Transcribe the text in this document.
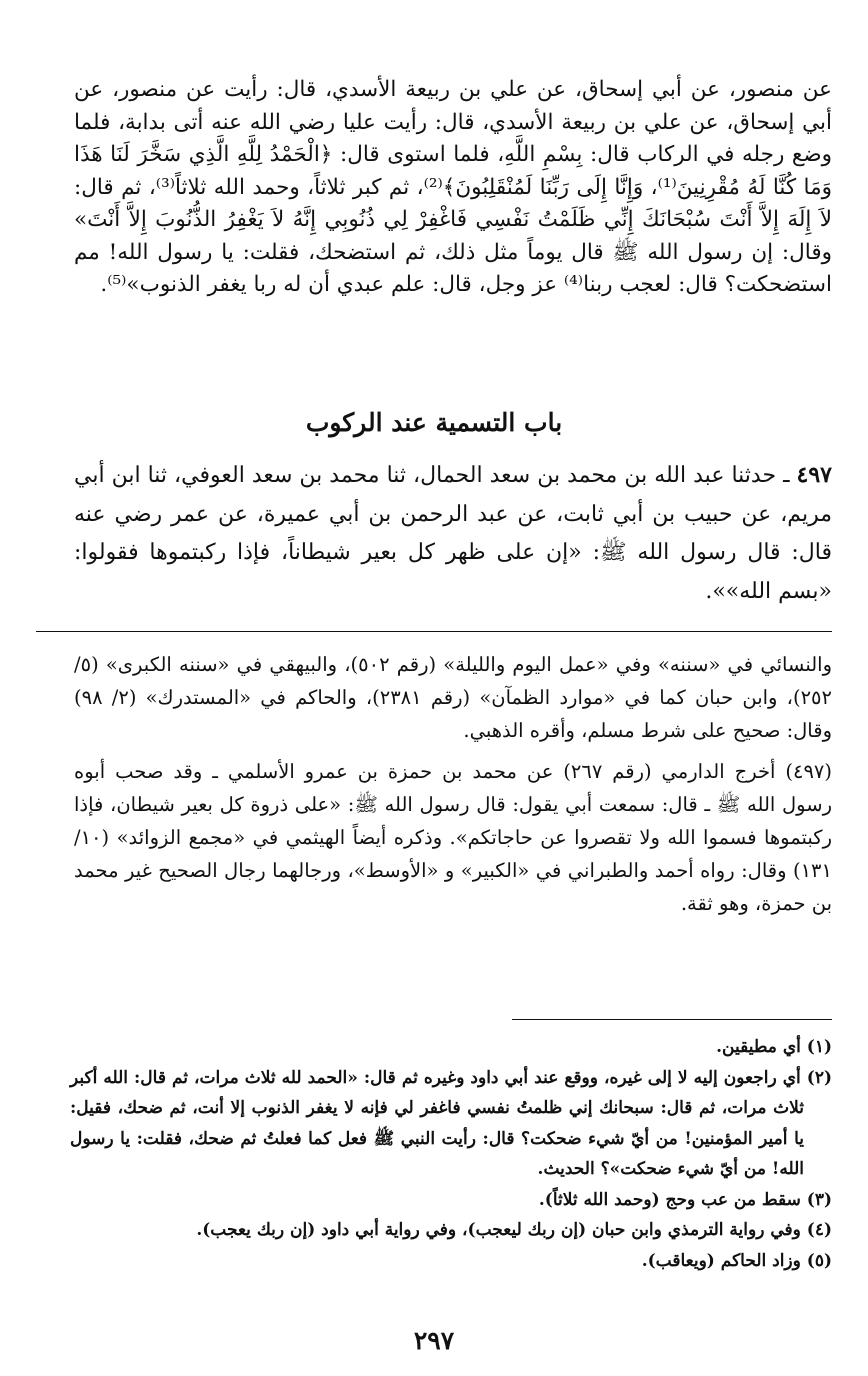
عن منصور، عن أبي إسحاق، عن علي بن ربيعة الأسدي، قال: رأيت عن منصور، عن أبي إسحاق، عن علي بن ربيعة الأسدي، قال: رأيت عليا رضي الله عنه أتى بدابة، فلما وضع رجله في الركاب قال: بِسْمِ اللَّهِ، فلما استوى قال: ﴿الْحَمْدُ لِلَّهِ الَّذِي سَخَّرَ لَنَا هَذَا وَمَا كُنَّا لَهُ مُقْرِنِينَ⁽¹⁾، وَإِنَّا إِلَى رَبِّنَا لَمُنْقَلِبُونَ﴾⁽²⁾، ثم كبر ثلاثاً، وحمد الله ثلاثاً⁽³⁾، ثم قال: لاَ إِلَهَ إِلاَّ أَنْتَ سُبْحَانَكَ إِنِّي ظَلَمْتُ نَفْسِي فَاغْفِرْ لِي ذُنُوبِي إِنَّهُ لاَ يَغْفِرُ الذُّنُوبَ إِلاَّ أَنْتَ» وقال: إن رسول الله ﷺ قال يوماً مثل ذلك، ثم استضحك، فقلت: يا رسول الله! مم استضحكت؟ قال: لعجب ربنا⁽⁴⁾ عز وجل، قال: علم عبدي أن له ربا يغفر الذنوب»⁽⁵⁾.

باب التسمية عند الركوب
٤٩٧ ـ حدثنا عبد الله بن محمد بن سعد الحمال، ثنا محمد بن سعد العوفي، ثنا ابن أبي مريم، عن حبيب بن أبي ثابت، عن عبد الرحمن بن أبي عميرة، عن عمر رضي عنه قال: قال رسول الله ﷺ: «إن على ظهر كل بعير شيطاناً، فإذا ركبتموها فقولوا: «بسم الله»».

والنسائي في «سننه» وفي «عمل اليوم والليلة» (رقم ٥٠٢)، والبيهقي في «سننه الكبرى» (٥/ ٢٥٢)، وابن حبان كما في «موارد الظمآن» (رقم ٢٣٨١)، والحاكم في «المستدرك» (٢/ ٩٨) وقال: صحيح على شرط مسلم، وأقره الذهبي.

(٤٩٧) أخرج الدارمي (رقم ٢٦٧) عن محمد بن حمزة بن عمرو الأسلمي ـ وقد صحب أبوه رسول الله ﷺ ـ قال: سمعت أبي يقول: قال رسول الله ﷺ: «على ذروة كل بعير شيطان، فإذا ركبتموها فسموا الله ولا تقصروا عن حاجاتكم». وذكره أيضاً الهيثمي في «مجمع الزوائد» (١٠/ ١٣١) وقال: رواه أحمد والطبراني في «الكبير» و «الأوسط»، ورجالهما رجال الصحيح غير محمد بن حمزة، وهو ثقة.

(١) أي مطيقين.

(٢) أي راجعون إليه لا إلى غيره، ووقع عند أبي داود وغيره ثم قال: «الحمد لله ثلاث مرات، ثم قال: الله أكبر ثلاث مرات، ثم قال: سبحانك إني ظلمتُ نفسي فاغفر لي فإنه لا يغفر الذنوب إلا أنت، ثم ضحك، فقيل: يا أمير المؤمنين! من أيّ شيء ضحكت؟ قال: رأيت النبي ﷺ فعل كما فعلتُ ثم ضحك، فقلت: يا رسول الله! من أيّ شيء ضحكت»؟ الحديث.

(٣) سقط من عب وحج (وحمد الله ثلاثاً).

(٤) وفي رواية الترمذي وابن حبان (إن ربك ليعجب)، وفي رواية أبي داود (إن ربك يعجب).

(٥) وزاد الحاكم (ويعاقب).

٢٩٧
